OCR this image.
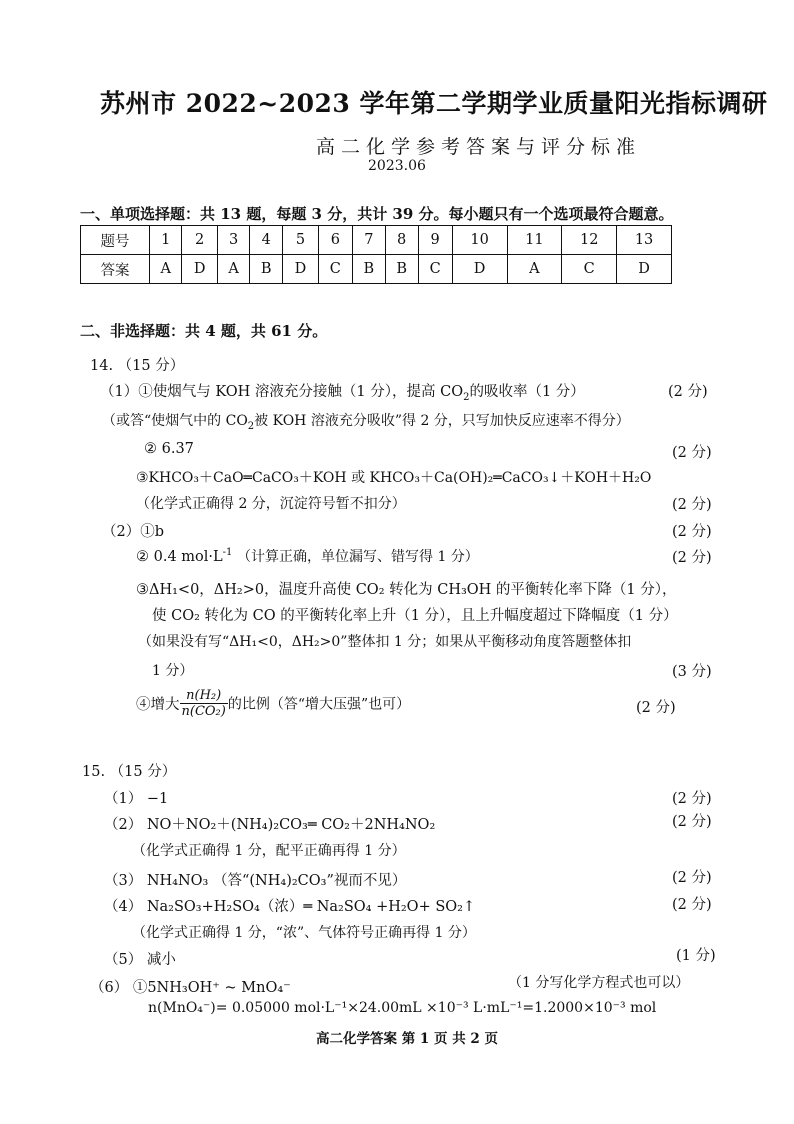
苏州市 2022~2023 学年第二学期学业质量阳光指标调研
高二化学参考答案与评分标准
2023.06
一、单项选择题：共 13 题，每题 3 分，共计 39 分。每小题只有一个选项最符合题意。
题号	1	2	3	4	5	6	7	8	9	10	11	12	13
答案	A	D	A	B	D	C	B	B	C	D	A	C	D
二、非选择题：共 4 题，共 61 分。
14. （15 分）
（1）①使烟气与 KOH 溶液充分接触（1 分），提高 $CO_2$的吸收率（1 分）	(2 分)
（或答“使烟气中的 $CO_2$被 KOH 溶液充分吸收”得 2 分，只写加快反应速率不得分）
② 6.37	(2 分)
③KHCO₃＋CaO═CaCO₃＋KOH 或 KHCO₃＋Ca(OH)₂═CaCO₃↓＋KOH＋H₂O
（化学式正确得 2 分，沉淀符号暂不扣分）	(2 分)
（2）①b	(2 分)
② 0.4 $mol\cdot L^{-1}$ （计算正确，单位漏写、错写得 1 分）	(2 分)
③ΔH₁<0，ΔH₂>0，温度升高使 CO₂ 转化为 CH₃OH 的平衡转化率下降（1 分），
使 CO₂ 转化为 CO 的平衡转化率上升（1 分），且上升幅度超过下降幅度（1 分）
（如果没有写“ΔH₁<0，ΔH₂>0”整体扣 1 分；如果从平衡移动角度答题整体扣
1 分）	(3 分)
④增大 $\frac{\text{n(H₂)}}{\text{n(CO₂)}}$ 的比例（答“增大压强”也可）	(2 分)
15. （15 分）
（1） −1	(2 分)
（2） NO＋NO₂＋(NH₄)₂CO₃═ CO₂＋2NH₄NO₂	(2 分)
（化学式正确得 1 分，配平正确再得 1 分）
（3） NH₄NO₃ （答“(NH₄)₂CO₃”视而不见）	(2 分)
（4） Na₂SO₃+H₂SO₄（浓）═ Na₂SO₄ +H₂O+ SO₂↑	(2 分)
（化学式正确得 1 分，“浓”、气体符号正确再得 1 分）
（5） 减小	(1 分)
（6） ①5NH₃OH⁺ ~ MnO₄⁻	（1 分写化学方程式也可以）
n(MnO₄⁻)= 0.05000 mol·L⁻¹×24.00mL ×10⁻³ L·mL⁻¹=1.2000×10⁻³ mol
高二化学答案 第 1 页 共 2 页
